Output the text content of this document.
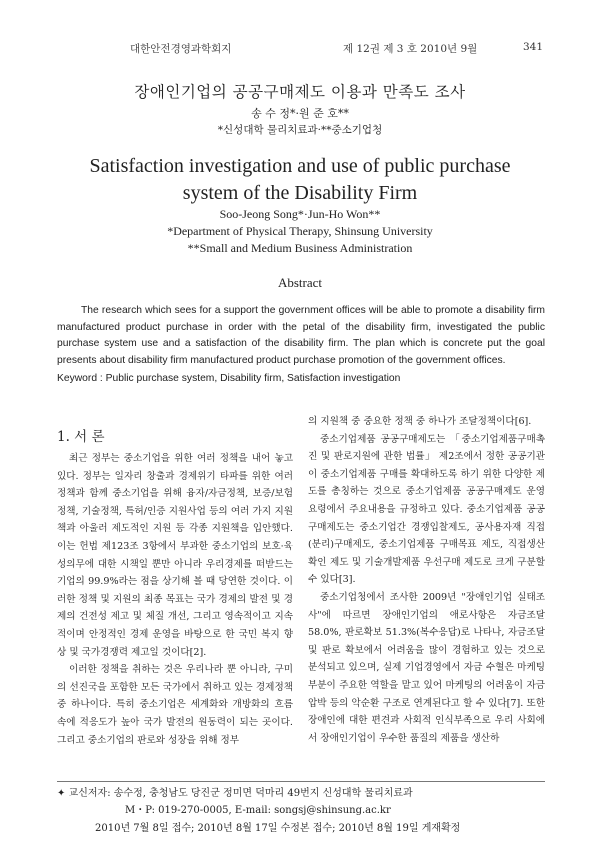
대한안전경영과학회지	제 12권 제 3 호 2010년 9월	341
장애인기업의 공공구매제도 이용과 만족도 조사
송 수 정*·원 준 호**
*신성대학 물리치료과·**중소기업청
Satisfaction investigation and use of public purchase system of the Disability Firm
Soo-Jeong Song*·Jun-Ho Won**
*Department of Physical Therapy, Shinsung University
**Small and Medium Business Administration
Abstract
The research which sees for a support the government offices will be able to promote a disability firm manufactured product purchase in order with the petal of the disability firm, investigated the public purchase system use and a satisfaction of the disability firm. The plan which is concrete put the goal presents about disability firm manufactured product purchase promotion of the government offices.
Keyword : Public purchase system, Disability firm, Satisfaction investigation
1. 서 론

최근 정부는 중소기업을 위한 여러 정책을 내어 놓고 있다. 정부는 일자리 창출과 경제위기 타파를 위한 여러 정책과 함께 중소기업을 위해 융자/자금정책, 보증/보험정책, 기술정책, 특허/인증 지원사업 등의 여러 가지 지원책과 아울러 제도적인 지원 등 각종 지원책을 입안했다. 이는 헌법 제123조 3항에서 부과한 중소기업의 보호·육성의무에 대한 시책일 뿐만 아니라 우리경제를 떠받드는 기업의 99.9%라는 점을 상기해 볼 때 당연한 것이다. 이러한 정책 및 지원의 최종 목표는 국가 경제의 발전 및 경제의 건전성 제고 및 체질 개선, 그리고 영속적이고 지속적이며 안정적인 경제 운영을 바탕으로 한 국민 복지 향상 및 국가경쟁력 제고일 것이다[2].

이러한 정책을 취하는 것은 우리나라 뿐 아니라, 구미의 선진국을 포함한 모든 국가에서 취하고 있는 경제정책 중 하나이다. 특히 중소기업은 세계화와 개방화의 흐름 속에 적응도가 높아 국가 발전의 원동력이 되는 곳이다. 그리고 중소기업의 판로와 성장을 위해 정부

의 지원책 중 중요한 정책 중 하나가 조달정책이다[6].

중소기업제품 공공구매제도는 「중소기업제품구매촉진 및 판로지원에 관한 법률」 제2조에서 정한 공공기관이 중소기업제품 구매를 확대하도록 하기 위한 다양한 제도를 총칭하는 것으로 중소기업제품 공공구매제도 운영요령에서 주요내용을 규정하고 있다. 중소기업제품 공공구매제도는 중소기업간 경쟁입찰제도, 공사용자재 직접(분리)구매제도, 중소기업제품 구매목표 제도, 직접생산확인 제도 및 기술개발제품 우선구매 제도로 크게 구분할 수 있다[3].

중소기업청에서 조사한 2009년 "장애인기업 실태조사"에 따르면 장애인기업의 애로사항은 자금조달 58.0%, 판로확보 51.3%(복수응답)로 나타나, 자금조달 및 판로 확보에서 어려움을 많이 경험하고 있는 것으로 분석되고 있으며, 실제 기업경영에서 자금 수혈은 마케팅 부분이 주요한 역할을 맡고 있어 마케팅의 어려움이 자금 압박 등의 악순환 구조로 연계된다고 할 수 있다[7]. 또한 장애인에 대한 편견과 사회적 인식부족으로 우리 사회에서 장애인기업이 우수한 품질의 제품을 생산하

✦ 교신저자: 송수정, 충청남도 당진군 정미면 덕마리 49번지 신성대학 물리치료과
M・P: 019-270-0005, E-mail: songsj@shinsung.ac.kr
2010년 7월 8일 접수; 2010년 8월 17일 수정본 접수; 2010년 8월 19일 게재확정
